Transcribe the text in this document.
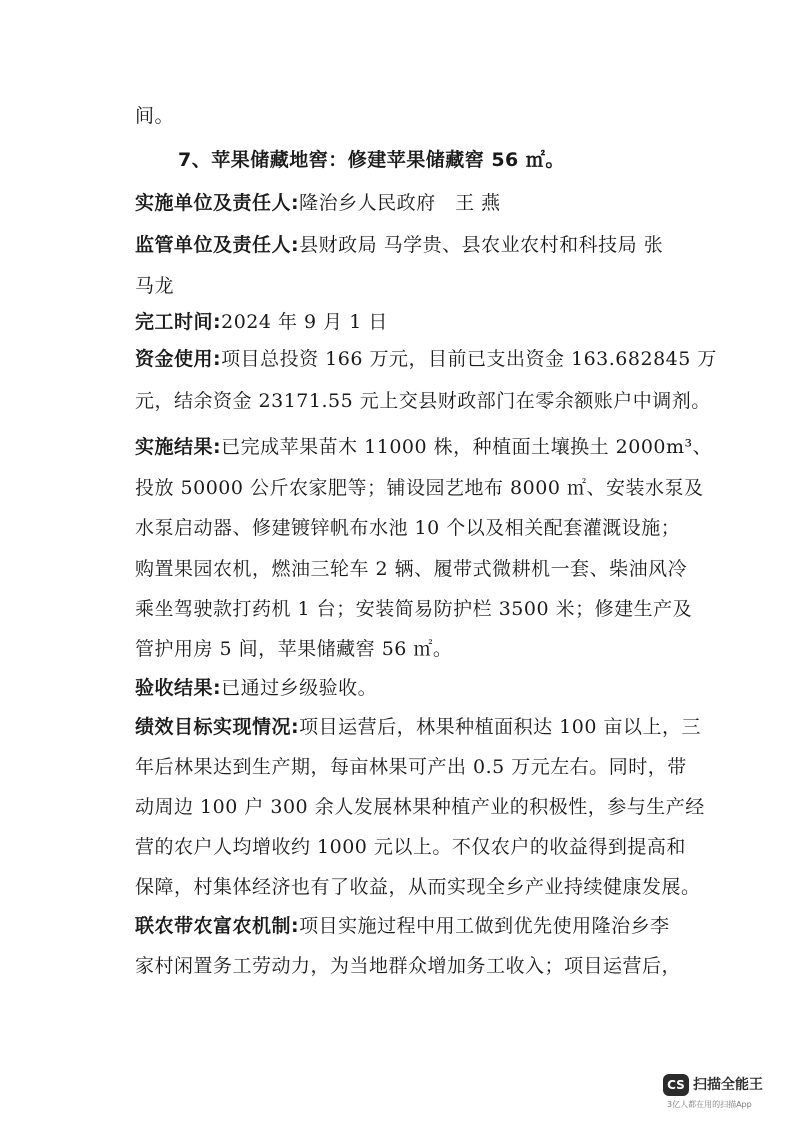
间。
7、苹果储藏地窖：修建苹果储藏窖 56 ㎡。
实施单位及责任人:隆治乡人民政府　王 燕
监管单位及责任人:县财政局 马学贵、县农业农村和科技局 张
马龙
完工时间:2024 年 9 月 1 日
资金使用:项目总投资 166 万元，目前已支出资金 163.682845 万
元，结余资金 23171.55 元上交县财政部门在零余额账户中调剂。
实施结果:已完成苹果苗木 11000 株，种植面土壤换土 2000m³、
投放 50000 公斤农家肥等；铺设园艺地布 8000 ㎡、安装水泵及
水泵启动器、修建镀锌帆布水池 10 个以及相关配套灌溉设施；
购置果园农机，燃油三轮车 2 辆、履带式微耕机一套、柴油风冷
乘坐驾驶款打药机 1 台；安装简易防护栏 3500 米；修建生产及
管护用房 5 间，苹果储藏窖 56 ㎡。
验收结果:已通过乡级验收。
绩效目标实现情况:项目运营后，林果种植面积达 100 亩以上，三
年后林果达到生产期，每亩林果可产出 0.5 万元左右。同时，带
动周边 100 户 300 余人发展林果种植产业的积极性，参与生产经
营的农户人均增收约 1000 元以上。不仅农户的收益得到提高和
保障，村集体经济也有了收益，从而实现全乡产业持续健康发展。
联农带农富农机制:项目实施过程中用工做到优先使用隆治乡李
家村闲置务工劳动力，为当地群众增加务工收入；项目运营后，
CS 扫描全能王
3亿人都在用的扫描App
